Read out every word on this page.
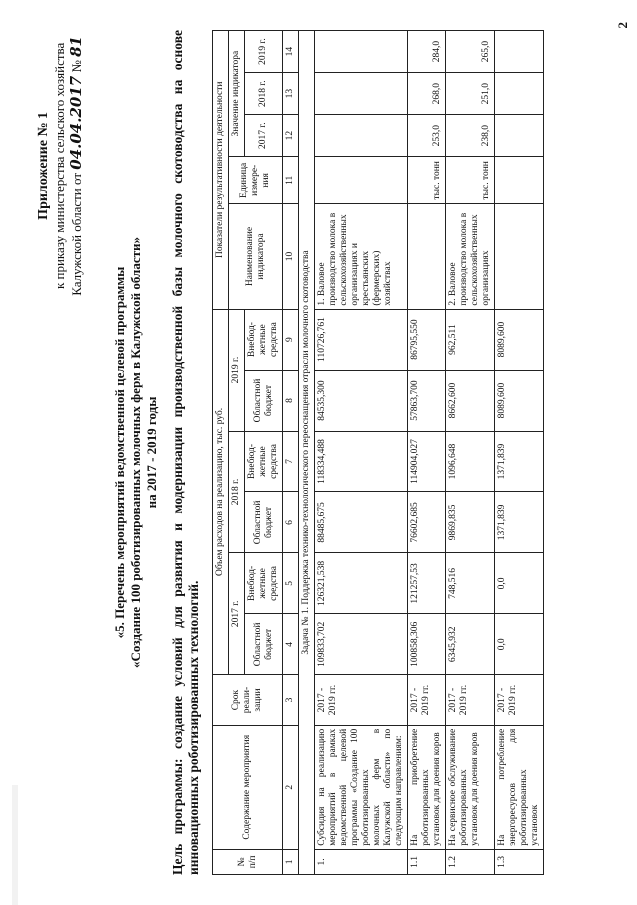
Приложение № 1 к приказу министерства сельского хозяйства Калужской области от 04.04.2017 № 81
«5. Перечень мероприятий ведомственной целевой программы «Создание 100 роботизированных молочных ферм в Калужской области» на 2017 - 2019 годы Цель программы: создание условий для развития и модернизации производственной базы молочного скотоводства на основе инновационных роботизированных технологий.	№ п/п	Содержание мероприятия	Срок реали-зации	Объем расходов на реализацию, тыс. руб.						Показатели результативности деятельности				
			2017 г.		2018 г.		2019 г.		Наименование индикатора	Единица измере-ния	Значение индикатора		
			Областной бюджет	Внебюд-жетные средства	Областной бюджет	Внебюд-жетные средства	Областной бюджет	Внебюд-жетные средства			2017 г.	2018 г.	2019 г.
1	2	3	4	5	6	7	8	9	10	11	12	13	14
Задача № 1. Поддержка технико-технологического переоснащения отрасли молочного скотоводства													
1.	Субсидия на реализацию мероприятий в рамках ведомственной целевой программы «Создание 100 роботизированных молочных ферм в Калужской области» по следующим направлениям:	2017 - 2019 гг.	109833,702	126321,538	88485,675	118334,488	84535,300	110726,761	1. Валовое производство молока в сельскохозяйственных организациях и крестьянских (фермерских) хозяйствах				
1.1	На приобретение роботизированных установок для доения коров	2017 - 2019 гг.	100858,306	121257,53	76602,685	114904,027	57863,700	86795,550		тыс. тонн	253,0	268,0	284,0
1.2	На сервисное обслуживание роботизированных установок для доения коров	2017 - 2019 гг.	6345,932	748,516	9869,835	1096,648	8662,600	962,511	2. Валовое производство молока в сельскохозяйственных организациях	тыс. тонн	238,0	251,0	265,0
1.3	На потребление энергоресурсов для роботизированных установок	2017 - 2019 гг.	0,0	0,0	1371,839	1371,839	8089,600	8089,600					
2
